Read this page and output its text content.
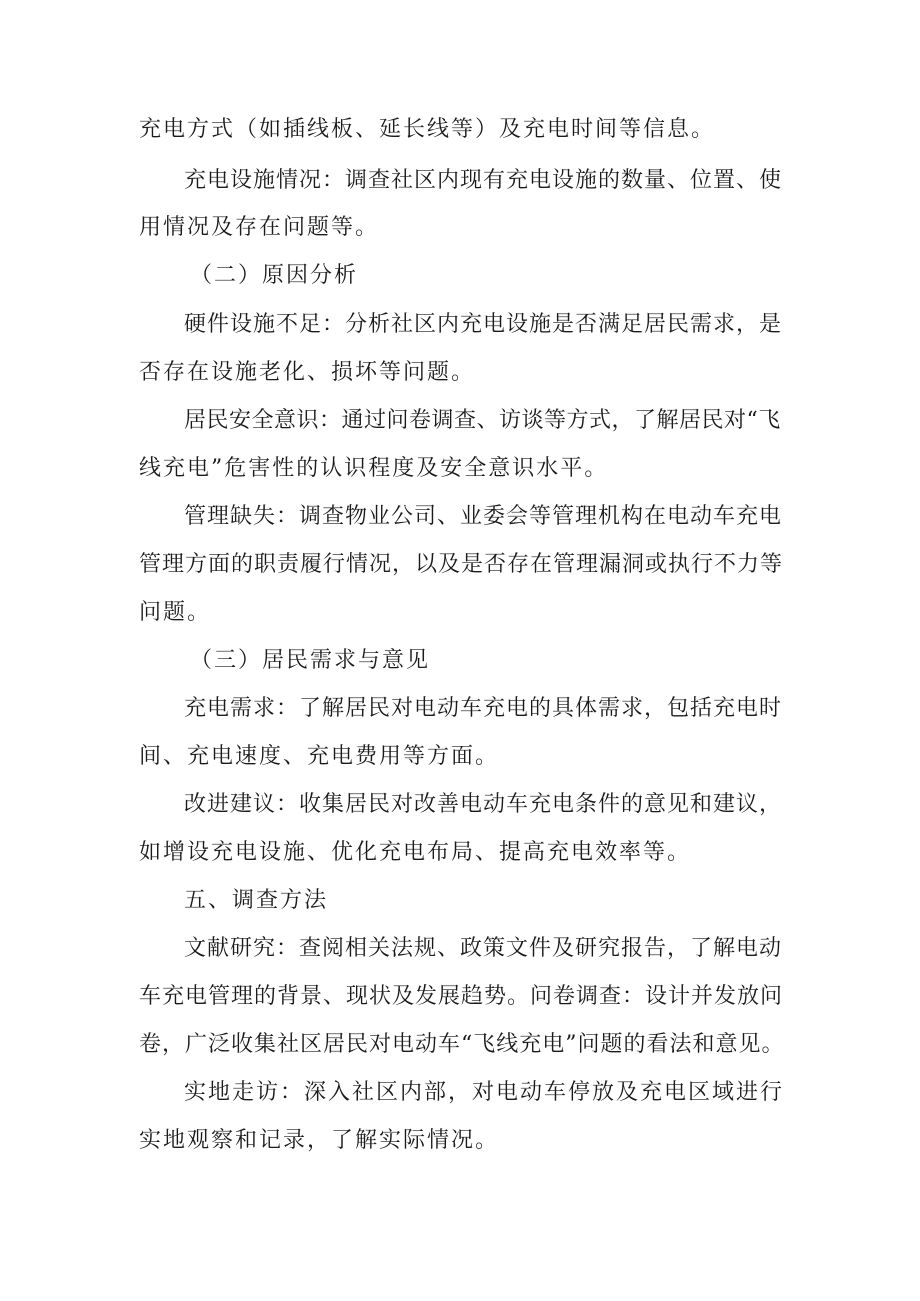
充电方式（如插线板、延长线等）及充电时间等信息。
充电设施情况：调查社区内现有充电设施的数量、位置、使
用情况及存在问题等。
（二）原因分析
硬件设施不足：分析社区内充电设施是否满足居民需求，是
否存在设施老化、损坏等问题。
居民安全意识：通过问卷调查、访谈等方式，了解居民对“飞
线充电”危害性的认识程度及安全意识水平。
管理缺失：调查物业公司、业委会等管理机构在电动车充电
管理方面的职责履行情况，以及是否存在管理漏洞或执行不力等
问题。
（三）居民需求与意见
充电需求：了解居民对电动车充电的具体需求，包括充电时
间、充电速度、充电费用等方面。
改进建议：收集居民对改善电动车充电条件的意见和建议，
如增设充电设施、优化充电布局、提高充电效率等。
五、调查方法
文献研究：查阅相关法规、政策文件及研究报告，了解电动
车充电管理的背景、现状及发展趋势。问卷调查：设计并发放问
卷，广泛收集社区居民对电动车“飞线充电”问题的看法和意见。
实地走访：深入社区内部，对电动车停放及充电区域进行
实地观察和记录，了解实际情况。
